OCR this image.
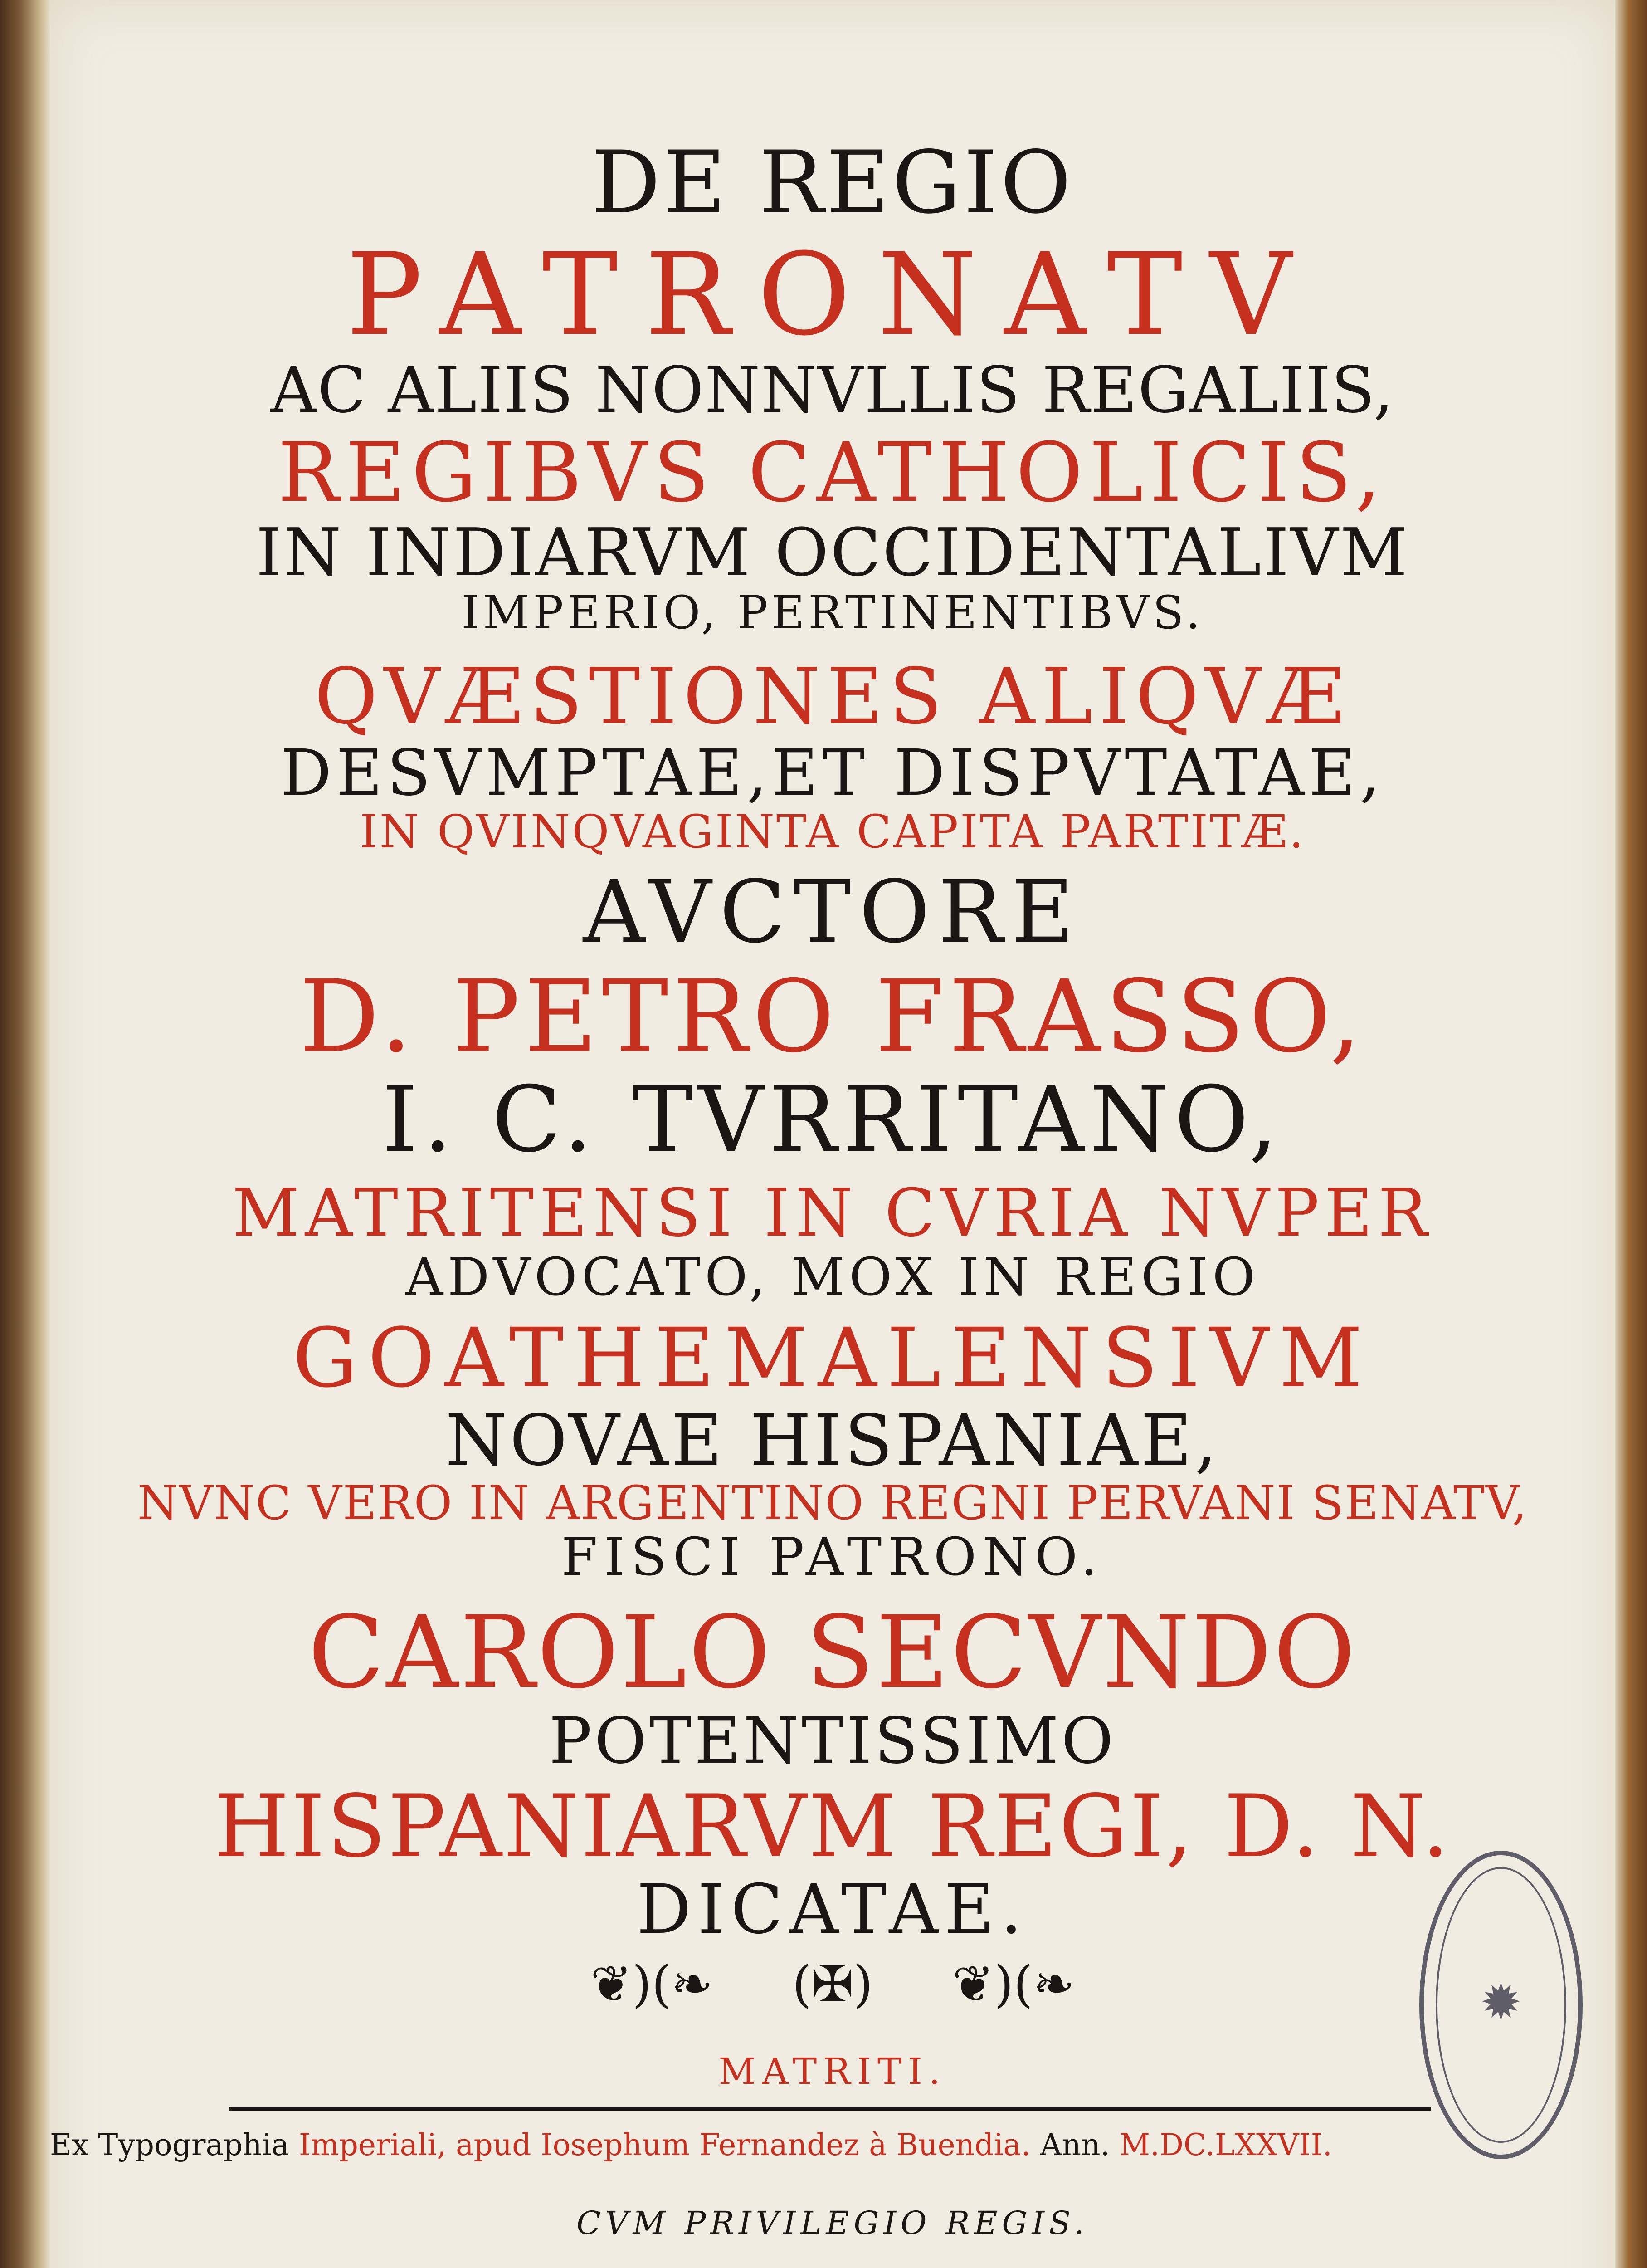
DE REGIO
PATRONATV
AC ALIIS NONNVLLIS REGALIIS,
REGIBVS CATHOLICIS,
IN INDIARVM OCCIDENTALIVM
IMPERIO, PERTINENTIBVS.
QVÆSTIONES ALIQVÆ
DESVMPTAE,ET DISPVTATAE,
IN QVINQVAGINTA CAPITA PARTITÆ.
AVCTORE
D. PETRO FRASSO,
I. C. TVRRITANO,
MATRITENSI IN CVRIA NVPER
ADVOCATO, MOX IN REGIO
GOATHEMALENSIVM
NOVAE HISPANIAE,
NVNC VERO IN ARGENTINO REGNI PERVANI SENATV,
FISCI PATRONO.
CAROLO SECVNDO
POTENTISSIMO
HISPANIARVM REGI, D. N.
DICATAE.
❦)(❧ (✠) ❦)(❧
MATRITI.
Ex Typographia Imperiali, apud Iosephum Fernandez à Buendia. Ann. M.DC.LXXVII.
CVM PRIVILEGIO REGIS.
✹
